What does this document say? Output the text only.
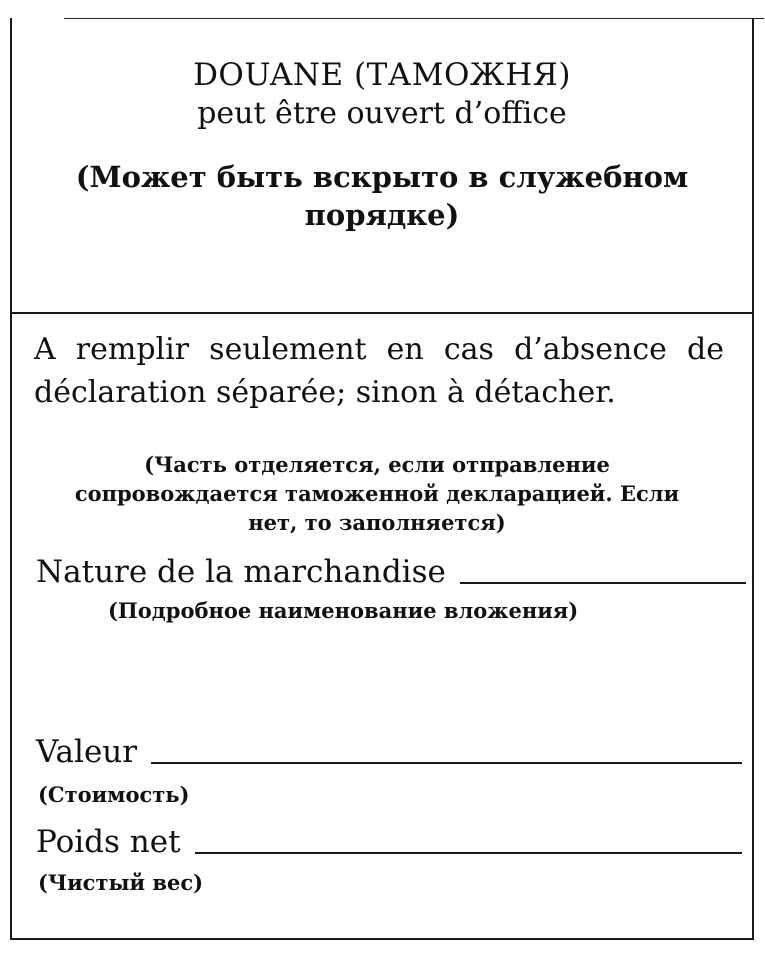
DOUANE (ТАМОЖНЯ)
peut être ouvert d’office
(Может быть вскрыто в служебном порядке)
A remplir seulement en cas d’absence de déclaration séparée; sinon à détacher.
(Часть отделяется, если отправление сопровождается таможенной декларацией. Если нет, то заполняется)
Nature de la marchandise
(Подробное наименование вложения)
Valeur
(Стоимость)
Poids net
(Чистый вес)
